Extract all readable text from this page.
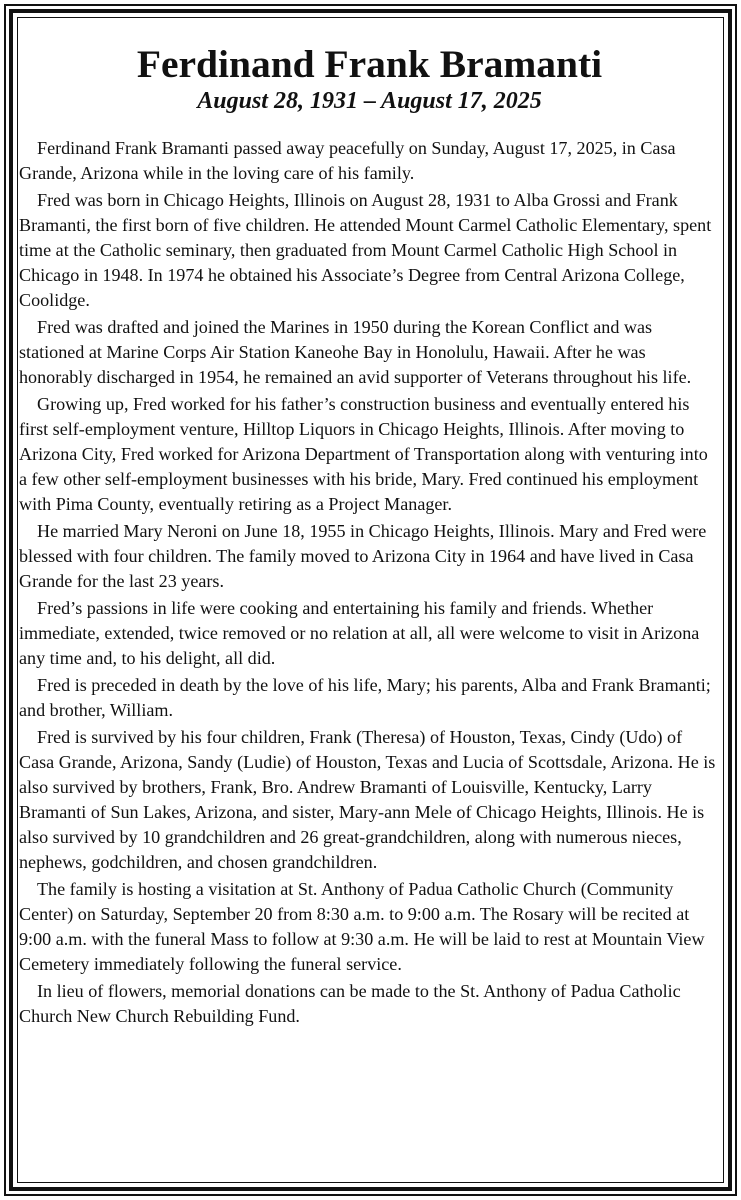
Ferdinand Frank Bramanti
August 28, 1931 – August 17, 2025

Ferdinand Frank Bramanti passed away peacefully on Sunday, August 17, 2025, in Casa Grande, Arizona while in the loving care of his family.

Fred was born in Chicago Heights, Illinois on August 28, 1931 to Alba Grossi and Frank Bramanti, the first born of five children. He attended Mount Carmel Catholic Elementary, spent time at the Catholic seminary, then graduated from Mount Carmel Catholic High School in Chicago in 1948. In 1974 he obtained his Associate’s Degree from Central Arizona College, Coolidge.

Fred was drafted and joined the Marines in 1950 during the Korean Conflict and was stationed at Marine Corps Air Station Kaneohe Bay in Honolulu, Hawaii. After he was honorably discharged in 1954, he remained an avid supporter of Veterans throughout his life.

Growing up, Fred worked for his father’s construction business and eventually entered his first self-employment venture, Hilltop Liquors in Chicago Heights, Illinois. After moving to Arizona City, Fred worked for Arizona Department of Transportation along with venturing into a few other self-employment businesses with his bride, Mary. Fred continued his employment with Pima County, eventually retiring as a Project Manager.

He married Mary Neroni on June 18, 1955 in Chicago Heights, Illinois. Mary and Fred were blessed with four children. The family moved to Arizona City in 1964 and have lived in Casa Grande for the last 23 years.

Fred’s passions in life were cooking and entertaining his family and friends. Whether immediate, extended, twice removed or no relation at all, all were welcome to visit in Arizona any time and, to his delight, all did.

Fred is preceded in death by the love of his life, Mary; his parents, Alba and Frank Bramanti; and brother, William.

Fred is survived by his four children, Frank (Theresa) of Houston, Texas, Cindy (Udo) of Casa Grande, Arizona, Sandy (Ludie) of Houston, Texas and Lucia of Scottsdale, Arizona. He is also survived by brothers, Frank, Bro. Andrew Bramanti of Louisville, Kentucky, Larry Bramanti of Sun Lakes, Arizona, and sister, Mary-ann Mele of Chicago Heights, Illinois. He is also survived by 10 grandchildren and 26 great-grandchildren, along with numerous nieces, nephews, godchildren, and chosen grandchildren.

The family is hosting a visitation at St. Anthony of Padua Catholic Church (Community Center) on Saturday, September 20 from 8:30 a.m. to 9:00 a.m. The Rosary will be recited at 9:00 a.m. with the funeral Mass to follow at 9:30 a.m. He will be laid to rest at Mountain View Cemetery immediately following the funeral service.

In lieu of flowers, memorial donations can be made to the St. Anthony of Padua Catholic Church New Church Rebuilding Fund.
